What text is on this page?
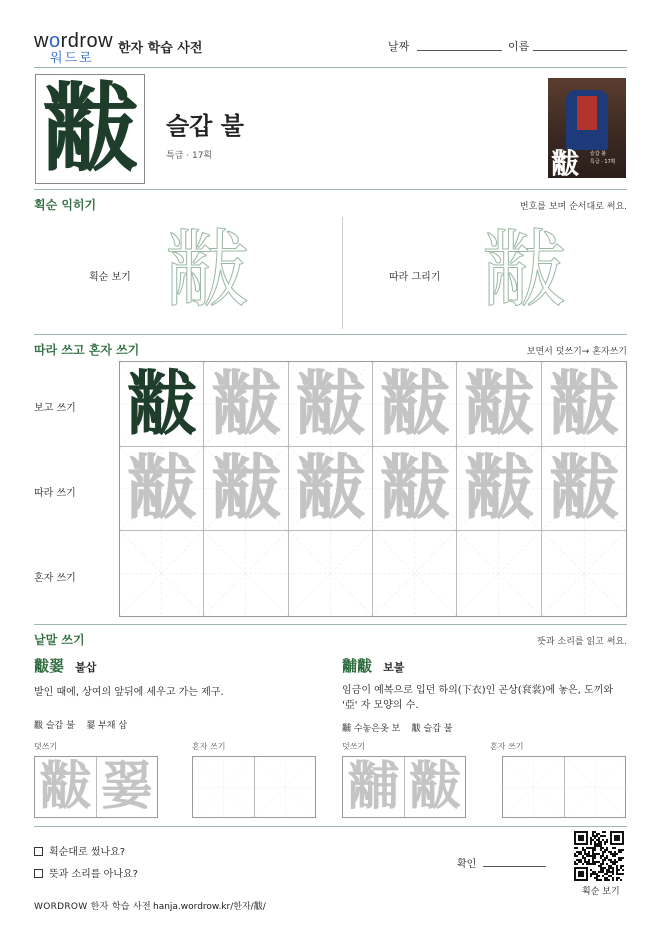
wordrow
워드로
한자 학습 사전	날짜	이름
黻 슬갑 불
특급 · 17획	黻 슬갑 불
특급 · 17획
획순 익히기	번호를 보며 순서대로 써요.
획순 보기 黻	따라 그리기 黻
따라 쓰고 혼자 쓰기	보면서 덧쓰기→ 혼자쓰기
보고 쓰기
따라 쓰기
혼자 쓰기
黻 黻 黻 黻 黻 黻
黻 黻 黻 黻 黻 黻
낱말 쓰기	뜻과 소리를 읽고 써요.
黻翣 불삽
발인 때에, 상여의 앞뒤에 세우고 가는 제구.
黻 슬갑 불    翣 부채 삽
덧쓰기	혼자 쓰기
黻 翣
黼黻 보불
임금이 예복으로 입던 하의(下衣)인 곤상(袞裳)에 놓은, 도끼와 '亞' 자 모양의 수.
黼 수놓은옷 보    黻 슬갑 불
덧쓰기	혼자 쓰기
黼 黻
획순대로 썼나요?
뜻과 소리를 아나요?
확인
획순 보기
WORDROW 한자 학습 사전 hanja.wordrow.kr/한자/黻/
